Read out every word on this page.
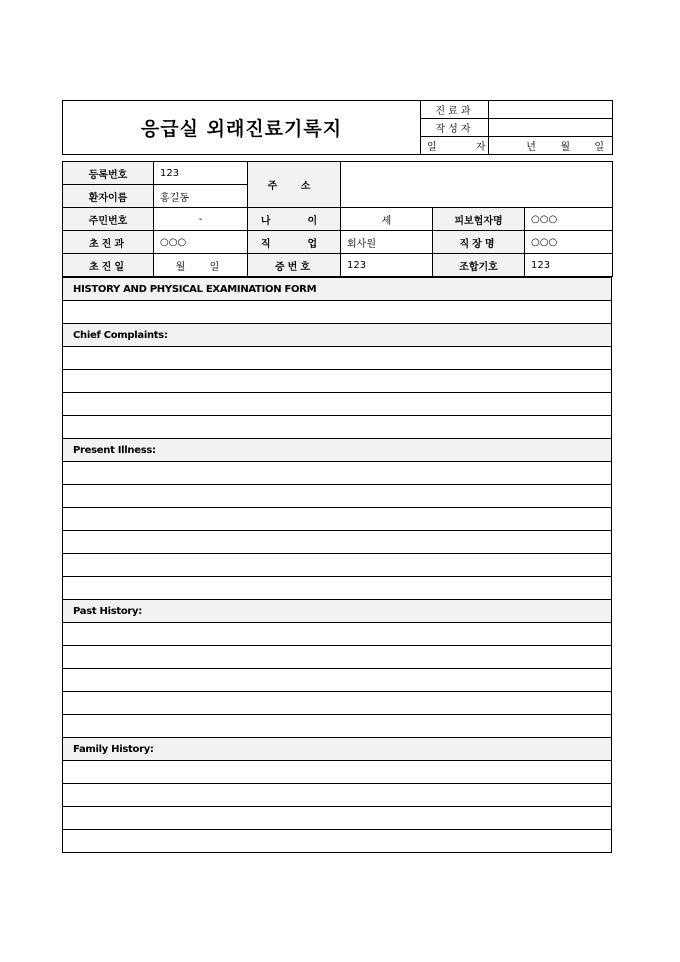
응급실 외래진료기록지	진료과	
	작성자	
	일 자	년  월  일
등록번호	123	주 소			
환자이름	홍길동				
주민번호	-	나  이	세	피보험자명	○○○
초진과	○○○	직  업	회사원	직장명	○○○
초진일	월  일	증번호	123	조합기호	123
HISTORY AND PHYSICAL EXAMINATION FORM

Chief Complaints:

Present Illness:

Past History:

Family History:
